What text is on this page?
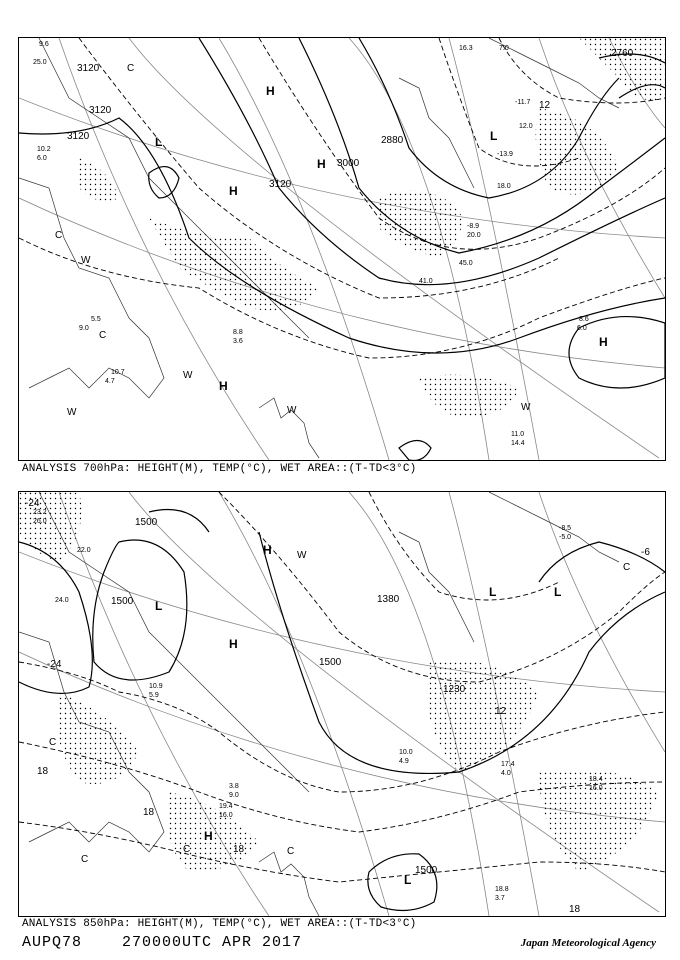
3120
3120
3120
3120
2880
3000
2760
12
H
H
L	L
H
H
H
C
C
W
W
W
W	W
C
9.6
25.0
10.2
6.0
5.5
9.0
10.7
4.7
16.3	7.0
-13.9
18.0
-11.7
12.0
8.6
6.0
11.0
14.4
8.8
3.6
45.0
41.0
-8.9
20.0
ANALYSIS 700hPa: HEIGHT(M), TEMP(°C), WET AREA::(T-TD<3°C)
1500
1500
1500
1500
1380
1230
-24
-24
-6
12
18
18
18
18
L
L
H
H
L
H
L
C
C
C	C
C
W
23.2
26.0
22.0
24.0
10.9
5.9
18.4
16.0
17.4
4.0
18.8
3.7
19.4
16.0
10.0
4.9
-8.5
-5.0
3.8
9.0
ANALYSIS 850hPa: HEIGHT(M), TEMP(°C), WET AREA::(T-TD<3°C)
AUPQ78	270000UTC APR 2017	Japan Meteorological Agency
